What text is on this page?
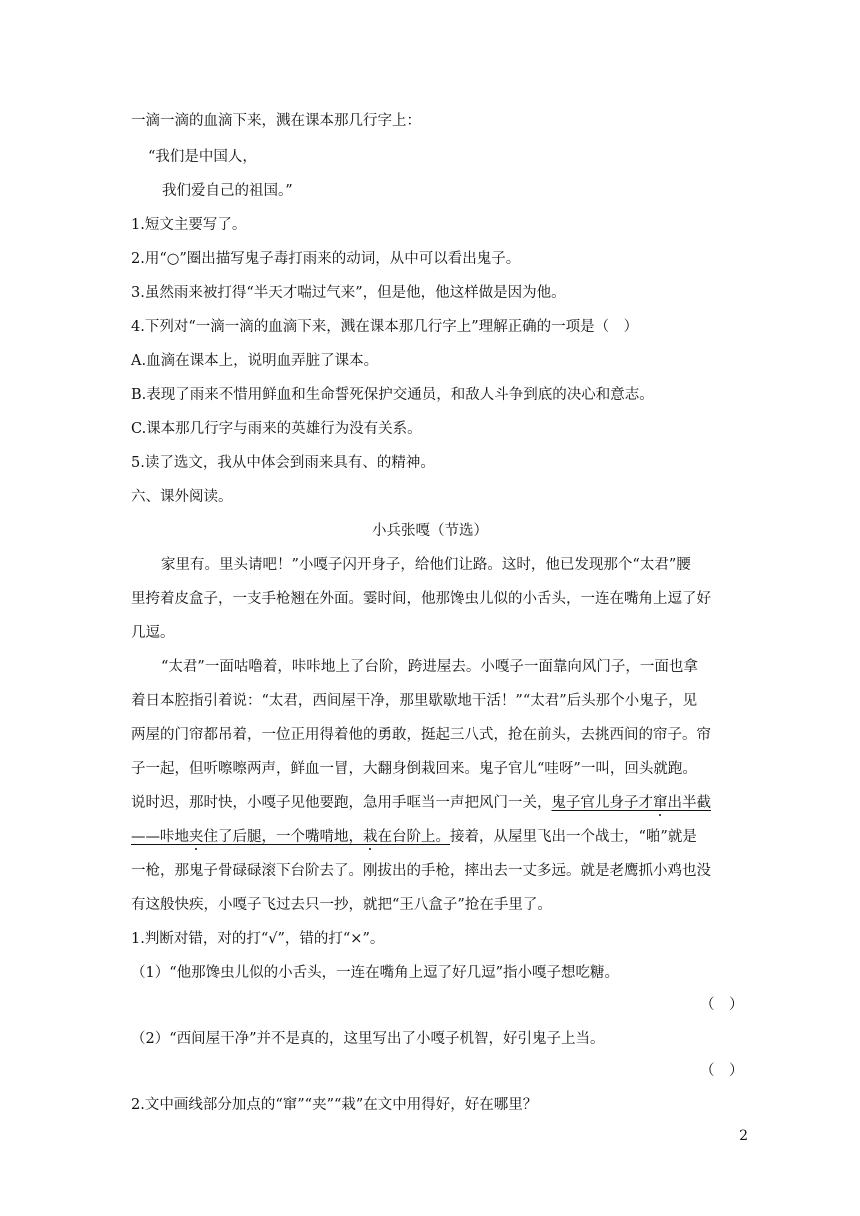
一滴一滴的血滴下来，溅在课本那几行字上：
“我们是中国人，
我们爱自己的祖国。”
1.短文主要写了。
2.用“○”圈出描写鬼子毒打雨来的动词，从中可以看出鬼子。
3.虽然雨来被打得“半天才喘过气来”，但是他，他这样做是因为他。
4.下列对“一滴一滴的血滴下来，溅在课本那几行字上”理解正确的一项是（　）
A.血滴在课本上，说明血弄脏了课本。
B.表现了雨来不惜用鲜血和生命誓死保护交通员，和敌人斗争到底的决心和意志。
C.课本那几行字与雨来的英雄行为没有关系。
5.读了选文，我从中体会到雨来具有、的精神。
六、课外阅读。
小兵张嘎（节选）
家里有。里头请吧！”小嘎子闪开身子，给他们让路。这时，他已发现那个“太君”腰
里挎着皮盒子，一支手枪翘在外面。霎时间，他那馋虫儿似的小舌头，一连在嘴角上逗了好
几逗。
“太君”一面咕噜着，咔咔地上了台阶，跨进屋去。小嘎子一面靠向风门子，一面也拿
着日本腔指引着说：“太君，西间屋干净，那里歇歇地干活！”“太君”后头那个小鬼子，见
两屋的门帘都吊着，一位正用得着他的勇敢，挺起三八式，抢在前头，去挑西间的帘子。帘
子一起，但听嚓嚓两声，鲜血一冒，大翻身倒栽回来。鬼子官儿“哇呀”一叫，回头就跑。
说时迟，那时快，小嘎子见他要跑，急用手哐当一声把风门一关，鬼子官儿身子才窜出半截
——咔地夹住了后腿，一个嘴啃地，栽在台阶上。接着，从屋里飞出一个战士，“啪”就是
一枪，那鬼子骨碌碌滚下台阶去了。刚拔出的手枪，摔出去一丈多远。就是老鹰抓小鸡也没
有这般快疾，小嘎子飞过去只一抄，就把“王八盒子”抢在手里了。
1.判断对错，对的打“√”，错的打“×”。
（1）“他那馋虫儿似的小舌头，一连在嘴角上逗了好几逗”指小嘎子想吃糖。
（　）
（2）“西间屋干净”并不是真的，这里写出了小嘎子机智，好引鬼子上当。
（　）
2.文中画线部分加点的“窜”“夹”“栽”在文中用得好，好在哪里？
2
